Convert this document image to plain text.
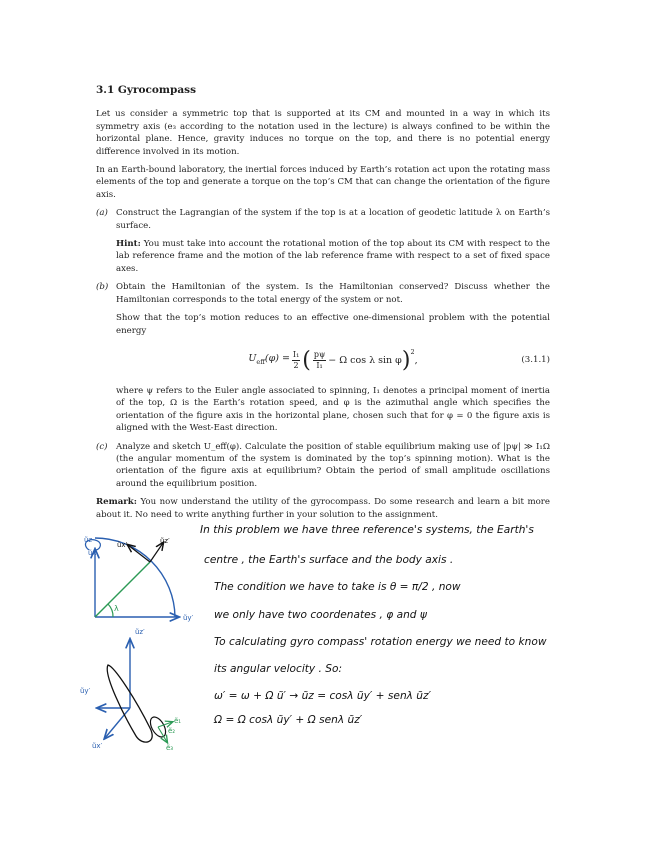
3.1 Gyrocompass

Let us consider a symmetric top that is supported at its CM and mounted in a way in which its symmetry axis (e₃ according to the notation used in the lecture) is always confined to be within the horizontal plane. Hence, gravity induces no torque on the top, and there is no potential energy difference involved in its motion.

In an Earth-bound laboratory, the inertial forces induced by Earth’s rotation act upon the rotating mass elements of the top and generate a torque on the top’s CM that can change the orientation of the figure axis.

(a) Construct the Lagrangian of the system if the top is at a location of geodetic latitude λ on Earth’s surface.

Hint: You must take into account the rotational motion of the top about its CM with respect to the lab reference frame and the motion of the lab reference frame with respect to a set of fixed space axes.

(b) Obtain the Hamiltonian of the system. Is the Hamiltonian conserved? Discuss whether the Hamiltonian corresponds to the total energy of the system or not.

Show that the top’s motion reduces to an effective one-dimensional problem with the potential energy

$U_{eff}(\varphi) = \frac{\text{I₁}}{2}$ ( $\frac{p\psi}{\text{I₁}} - \Omega$ cos λ sin φ )$^2$
,	(3.1.1)

where ψ refers to the Euler angle associated to spinning, I₁ denotes a principal moment of inertia of the top, Ω is the Earth’s rotation speed, and φ is the azimuthal angle which specifies the orientation of the figure axis in the horizontal plane, chosen such that for φ = 0 the figure axis is aligned with the West-East direction.

(c) Analyze and sketch U_eff(φ). Calculate the position of stable equilibrium making use of |pψ| ≫ I₁Ω (the angular momentum of the system is dominated by the top’s spinning motion). What is the orientation of the figure axis at equilibrium? Obtain the period of small amplitude oscillations around the equilibrium position.

Remark: You now understand the utility of the gyrocompass. Do some research and learn a bit more about it. No need to write anything further in your solution to the assignment.

ũz	ũz′
ũx′
ũy′
ũx
λ
ũz′
ũy′
ũx′
ẽ₁
ẽ₂
ẽ₃
In this problem we have three reference's systems, the Earth's
centre , the Earth's surface and the body axis .
The condition we have to take is θ = π/2 , now
we only have two coordenates , φ and ψ
To calculating gyro compass' rotation energy we need to know
its angular velocity . So:
ω′ = ω + Ω ũ′ → ũz = cosλ ũy′ + senλ ũz′
Ω = Ω cosλ ũy′ + Ω senλ ũz′
